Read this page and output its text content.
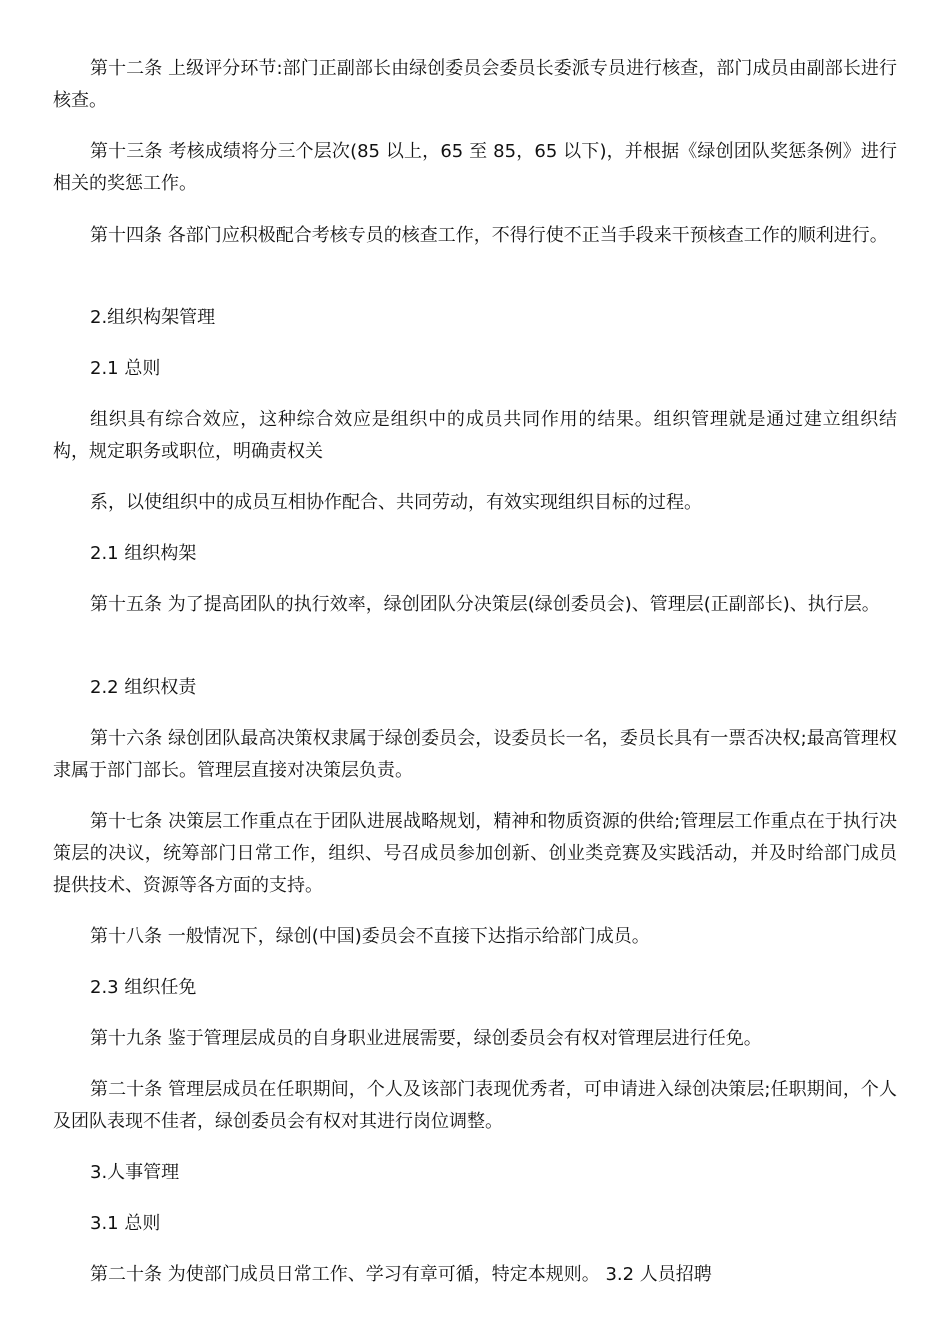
第十二条 上级评分环节:部门正副部长由绿创委员会委员长委派专员进行核查，部门成员由副部长进行核查。

第十三条 考核成绩将分三个层次(85 以上，65 至 85，65 以下)，并根据《绿创团队奖惩条例》进行相关的奖惩工作。

第十四条 各部门应积极配合考核专员的核查工作，不得行使不正当手段来干预核查工作的顺利进行。

2.组织构架管理

2.1 总则

组织具有综合效应，这种综合效应是组织中的成员共同作用的结果。组织管理就是通过建立组织结构，规定职务或职位，明确责权关

系，以使组织中的成员互相协作配合、共同劳动，有效实现组织目标的过程。

2.1 组织构架

第十五条 为了提高团队的执行效率，绿创团队分决策层(绿创委员会)、管理层(正副部长)、执行层。

2.2 组织权责

第十六条 绿创团队最高决策权隶属于绿创委员会，设委员长一名，委员长具有一票否决权;最高管理权隶属于部门部长。管理层直接对决策层负责。

第十七条 决策层工作重点在于团队进展战略规划，精神和物质资源的供给;管理层工作重点在于执行决策层的决议，统筹部门日常工作，组织、号召成员参加创新、创业类竞赛及实践活动，并及时给部门成员提供技术、资源等各方面的支持。

第十八条 一般情况下，绿创(中国)委员会不直接下达指示给部门成员。

2.3 组织任免

第十九条 鉴于管理层成员的自身职业进展需要，绿创委员会有权对管理层进行任免。

第二十条 管理层成员在任职期间，个人及该部门表现优秀者，可申请进入绿创决策层;任职期间，个人及团队表现不佳者，绿创委员会有权对其进行岗位调整。

3.人事管理

3.1 总则

第二十条 为使部门成员日常工作、学习有章可循，特定本规则。 3.2 人员招聘
